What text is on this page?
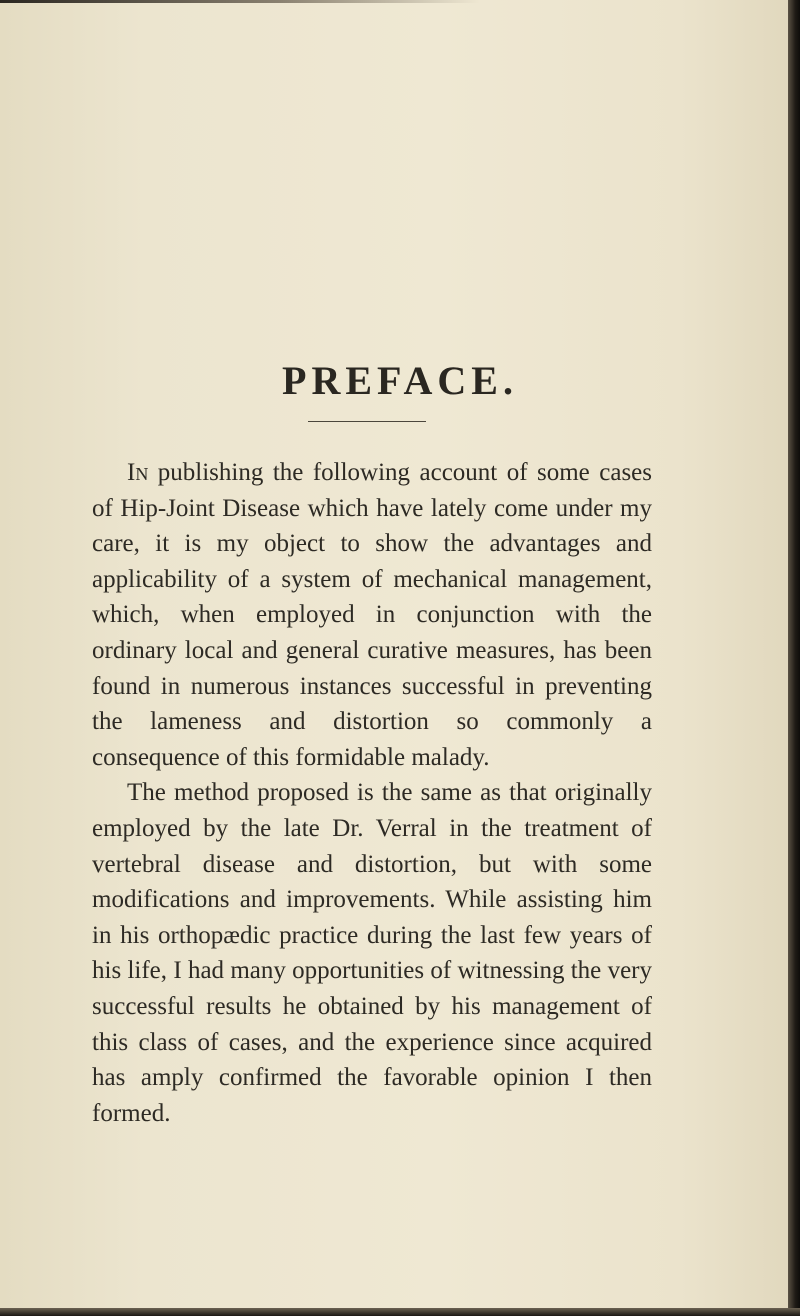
PREFACE.

In publishing the following account of some cases of Hip-Joint Disease which have lately come under my care, it is my object to show the advantages and applicability of a system of mechanical management, which, when employed in conjunction with the ordinary local and general curative measures, has been found in numerous instances successful in preventing the lameness and distortion so commonly a consequence of this formidable malady.

The method proposed is the same as that originally employed by the late Dr. Verral in the treatment of vertebral disease and distortion, but with some modifications and improvements. While assisting him in his orthopædic practice during the last few years of his life, I had many opportunities of witnessing the very successful results he obtained by his management of this class of cases, and the experience since acquired has amply confirmed the favorable opinion I then formed.
